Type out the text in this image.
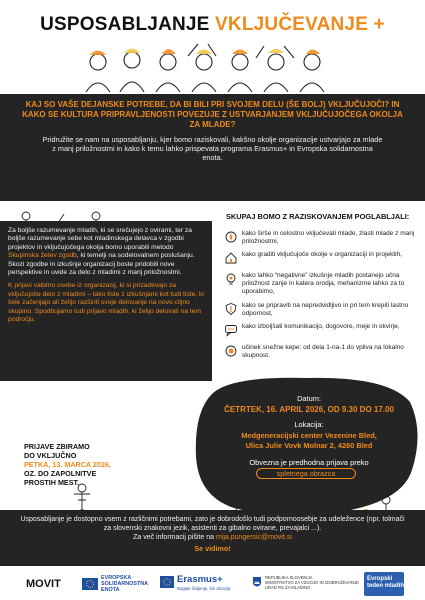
USPOSABLJANJE VKLJUČEVANJE +
KAJ SO VAŠE DEJANSKE POTREBE, DA BI BILI PRI SVOJEM DELU (ŠE BOLJ) VKLJUČUJOČI? IN KAKO SE KULTURA PRIPRAVLJENOSTI POVEZUJE Z USTVARJANJEM VKLJUČUJOČEGA OKOLJA ZA MLADE?
Pridružite se nam na usposabljanju, kjer bomo raziskovali, kakšno okolje organizacije ustvarjajo za mlade z manj priložnostmi in kako k temu lahko prispevata programa Erasmus+ in Evropska solidarnostna enota.
Za boljše razumevanje mladih, ki se srečujejo z ovirami, ter za boljše razumevanje sebe kot mladinskega delavca v zgodbi projektov in vključujočega okolja bomo uporabili metodo Skupinska žetev zgodb, ki temelji na sodelovalnem poslušanju. Skozi zgodbe in izkušnje organizacij boste pridobili nove perspektive in uvide za delo z mladimi z manj priložnostmi.
K prijavi vabimo osebe iz organizacij, ki si prizadevajo za vključujoče delo z mladimi – tako tiste z izkušnjami kot tudi tiste, ki šele začenjajo ali želijo razširiti svoje delovanje na novo ciljno skupino. Spodbujamo tudi prijavo mladih, ki želijo delovati na tem področju.
SKUPAJ BOMO Z RAZISKOVANJEM POGLABLJALI:
kako širše in celostno vključevati mlade, zlasti mlade z manj priložnostmi,
kako graditi vključujoče okolje v organizaciji in projektih,
kako lahko “negativne” izkušnje mladih postanejo učna priložnost zanje in katera orodja, mehanizme lahko za to uporabimo,
kako se pripraviti na nepredvidljivo in pri tem krepiti lastno odpornost,
kako izboljšati komunikacijo, dogovore, meje in okvirje,
učinek snežne kepe: od dela 1-na-1 do vpliva na lokalno skupnost.
PRIJAVE ZBIRAMO
DO VKLJUČNO
PETKA, 13. MARCA 2026,
OZ. DO ZAPOLNITVE
PROSTIH MEST.
Datum:
ČETRTEK, 16. APRIL 2026, OD 9.30 DO 17.00
Lokacija:
Medgeneracijski center Vezenine Bled,
Ulica Julie Vovk Molnar 2, 4260 Bled
Obvezna je predhodna prijava preko
spletnega obrazca
Usposabljanje je dostopno vsem z različnimi potrebami, zato je dobrodošlo tudi podpornoosebje za udeležence (npr. tolmači za slovenski znakovni jezik, asistenti za gibalno ovirane, prevajalci ...).
Za več informacij pišite na mija.pungersic@movit.si
Se vidimo!
MOVIT	EVROPSKA
SOLIDARNOSTNA
ENOTA
Erasmus+
Bogate življenje, širi obzorja
REPUBLIKA SLOVENIJA
MINISTRSTVO ZA VZGOJO IN IZOBRAŽEVANJE
URAD RS ZA MLADINO
Evropski
teden mladih
